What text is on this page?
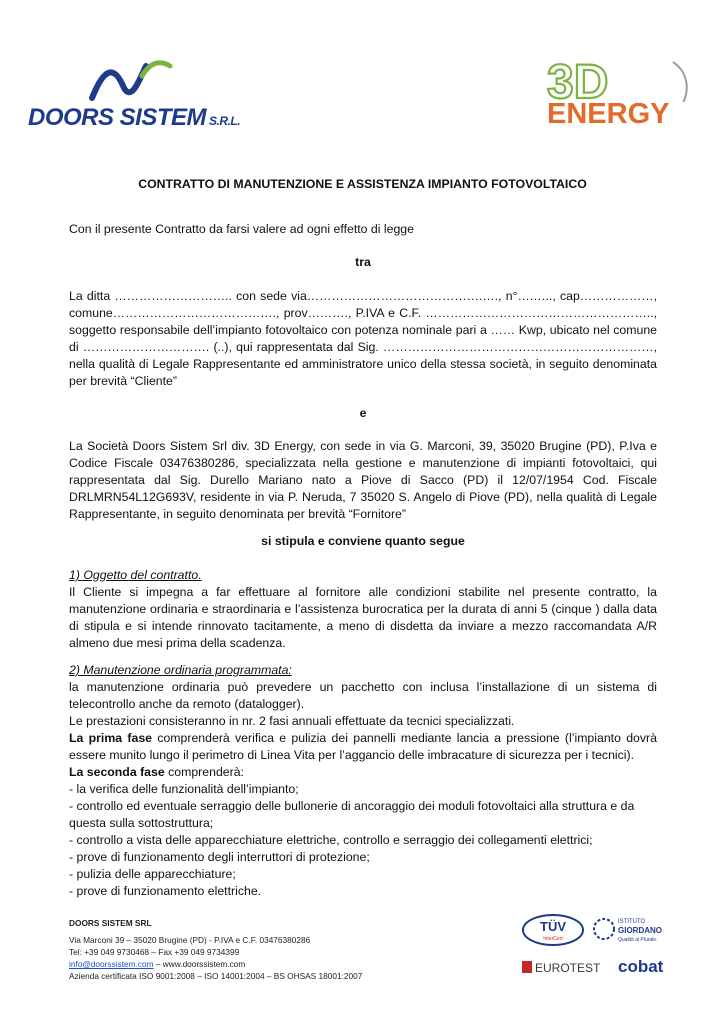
DOORS SISTEM S.R.L.
3D
ENERGY
CONTRATTO DI MANUTENZIONE E ASSISTENZA IMPIANTO FOTOVOLTAICO
Con il presente Contratto da farsi valere ad ogni effetto di legge
tra
La ditta ……………………….. con sede via…………………………………….…., n°….….., cap………………, comune…………………………………., prov………., P.IVA e C.F. ……………………………………………….., soggetto responsabile dell’impianto fotovoltaico con potenza nominale pari a …… Kwp, ubicato nel comune di …………………………. (..), qui rappresentata dal Sig. …………………………………………………………, nella qualità di Legale Rappresentante ed amministratore unico della stessa società, in seguito denominata per brevità “Cliente”
e
La Società Doors Sistem Srl div. 3D Energy, con sede in via G. Marconi, 39, 35020 Brugine (PD), P.Iva e Codice Fiscale 03476380286, specializzata nella gestione e manutenzione di impianti fotovoltaici, qui rappresentata dal Sig. Durello Mariano nato a Piove di Sacco (PD) il 12/07/1954 Cod. Fiscale DRLMRN54L12G693V, residente in via P. Neruda, 7 35020 S. Angelo di Piove (PD), nella qualità di Legale Rappresentante, in seguito denominata per brevità “Fornitore”
si stipula e conviene quanto segue
1) Oggetto del contratto.
Il Cliente si impegna a far effettuare al fornitore alle condizioni stabilite nel presente contratto, la manutenzione ordinaria e straordinaria e l’assistenza burocratica per la durata di anni 5 (cinque ) dalla data di stipula e si intende rinnovato tacitamente, a meno di disdetta da inviare a mezzo raccomandata A/R almeno due mesi prima della scadenza.
2) Manutenzione ordinaria programmata:
la manutenzione ordinaria può prevedere un pacchetto con inclusa l’installazione di un sistema di telecontrollo anche da remoto (datalogger).
Le prestazioni consisteranno in nr. 2 fasi annuali effettuate da tecnici specializzati.
La prima fase comprenderà verifica e pulizia dei pannelli mediante lancia a pressione (l’impianto dovrà essere munito lungo il perimetro di Linea Vita per l’aggancio delle imbracature di sicurezza per i tecnici).
La seconda fase comprenderà:
- la verifica delle funzionalità dell’impianto;
- controllo ed eventuale serraggio delle bullonerie di ancoraggio dei moduli fotovoltaici alla struttura e da questa sulla sottostruttura;
- controllo a vista delle apparecchiature elettriche, controllo e serraggio dei collegamenti elettrici;
- prove di funzionamento degli interruttori di protezione;
- pulizia delle apparecchiature;
- prove di funzionamento elettriche.
DOORS SISTEM SRL
Via Marconi 39 – 35020 Brugine (PD) - P.IVA e C.F. 03476380286
Tel: +39 049 9730468 – Fax +39 049 9734399
info@doorssistem.com – www.doorssistem.com
Azienda certificata ISO 9001:2008 – ISO 14001:2004 – BS OHSAS 18001:2007
TÜV
InterCert
ISTITUTO
GIORDANO
Qualità al Plurale.
EUROTEST cobat
